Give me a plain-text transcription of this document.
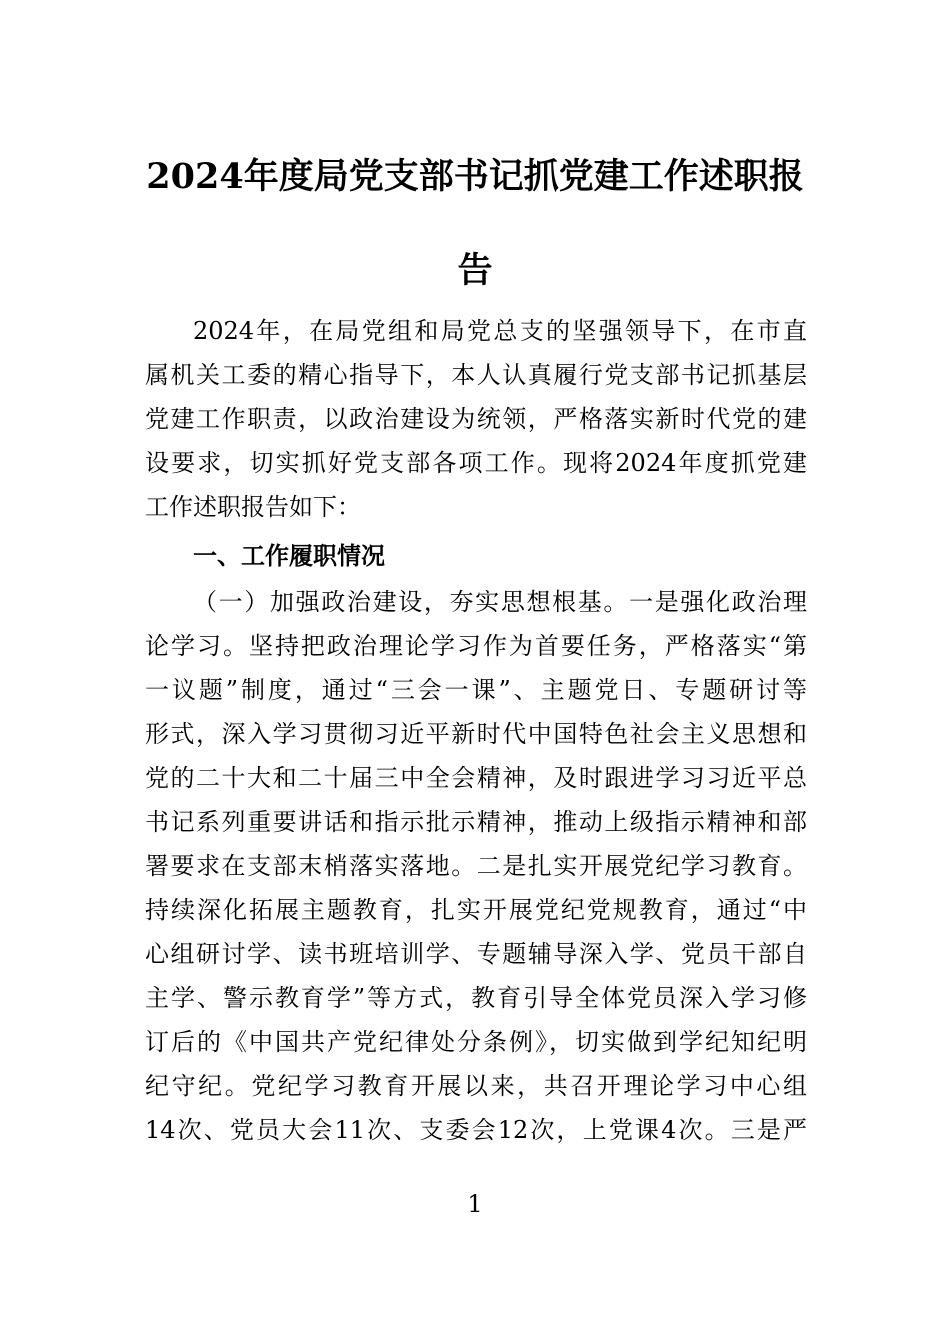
2024年度局党支部书记抓党建工作述职报
告
2024年，在局党组和局党总支的坚强领导下，在市直
属机关工委的精心指导下，本人认真履行党支部书记抓基层
党建工作职责，以政治建设为统领，严格落实新时代党的建
设要求，切实抓好党支部各项工作。现将2024年度抓党建
工作述职报告如下：
一、工作履职情况
（一）加强政治建设，夯实思想根基。一是强化政治理
论学习。坚持把政治理论学习作为首要任务，严格落实“第
一议题”制度，通过“三会一课”、主题党日、专题研讨等
形式，深入学习贯彻习近平新时代中国特色社会主义思想和
党的二十大和二十届三中全会精神，及时跟进学习习近平总
书记系列重要讲话和指示批示精神，推动上级指示精神和部
署要求在支部末梢落实落地。二是扎实开展党纪学习教育。
持续深化拓展主题教育，扎实开展党纪党规教育，通过“中
心组研讨学、读书班培训学、专题辅导深入学、党员干部自
主学、警示教育学”等方式，教育引导全体党员深入学习修
订后的《中国共产党纪律处分条例》，切实做到学纪知纪明
纪守纪。党纪学习教育开展以来，共召开理论学习中心组
14次、党员大会11次、支委会12次，上党课4次。三是严
1
